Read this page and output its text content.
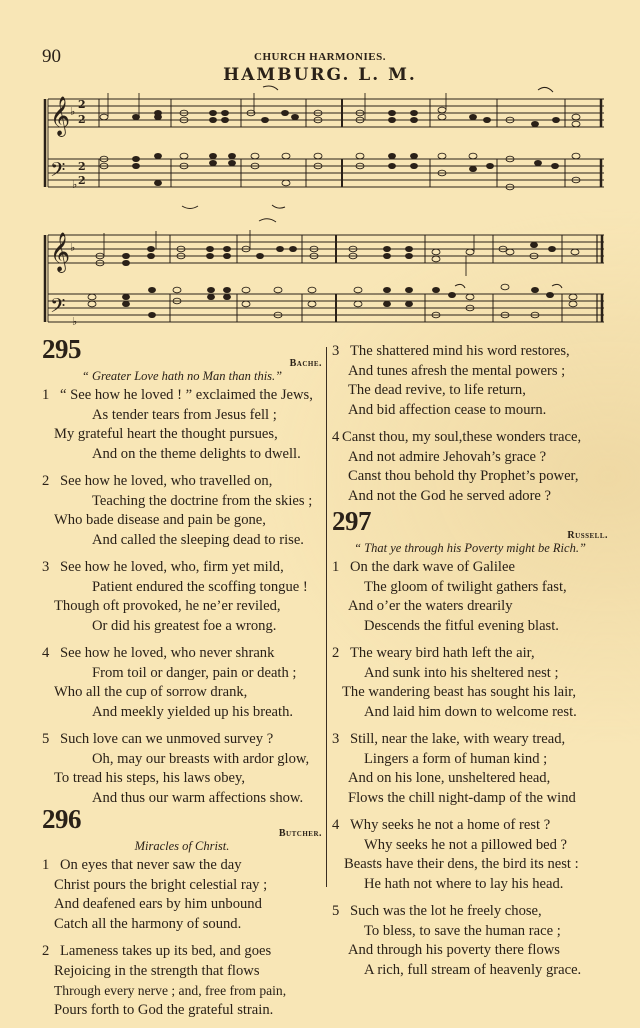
90	CHURCH HARMONIES.
HAMBURG. L. M.
𝄞
𝄢
𝄞
𝄢
♭
2
2
♭
2
2
♭
♭
295	Bache.
“ Greater Love hath no Man than this.”
1 “ See how he loved ! ” exclaimed the Jews,
As tender tears from Jesus fell ;
My grateful heart the thought pursues,
And on the theme delights to dwell.
2 See how he loved, who travelled on,
Teaching the doctrine from the skies ;
Who bade disease and pain be gone,
And called the sleeping dead to rise.
3 See how he loved, who, firm yet mild,
Patient endured the scoffing tongue !
Though oft provoked, he ne’er reviled,
Or did his greatest foe a wrong.
4 See how he loved, who never shrank
From toil or danger, pain or death ;
Who all the cup of sorrow drank,
And meekly yielded up his breath.
5 Such love can we unmoved survey ?
Oh, may our breasts with ardor glow,
To tread his steps, his laws obey,
And thus our warm affections show.
296	Butcher.
Miracles of Christ.
1 On eyes that never saw the day
Christ pours the bright celestial ray ;
And deafened ears by him unbound
Catch all the harmony of sound.
2 Lameness takes up its bed, and goes
Rejoicing in the strength that flows
Through every nerve ; and, free from pain,
Pours forth to God the grateful strain.
3 The shattered mind his word restores,
And tunes afresh the mental powers ;
The dead revive, to life return,
And bid affection cease to mourn.
4 Canst thou, my soul,these wonders trace,
And not admire Jehovah’s grace ?
Canst thou behold thy Prophet’s power,
And not the God he served adore ?
297	Russell.
“ That ye through his Poverty might be Rich.”
1 On the dark wave of Galilee
The gloom of twilight gathers fast,
And o’er the waters drearily
Descends the fitful evening blast.
2 The weary bird hath left the air,
And sunk into his sheltered nest ;
The wandering beast has sought his lair,
And laid him down to welcome rest.
3 Still, near the lake, with weary tread,
Lingers a form of human kind ;
And on his lone, unsheltered head,
Flows the chill night-damp of the wind
4 Why seeks he not a home of rest ?
Why seeks he not a pillowed bed ?
Beasts have their dens, the bird its nest :
He hath not where to lay his head.
5 Such was the lot he freely chose,
To bless, to save the human race ;
And through his poverty there flows
A rich, full stream of heavenly grace.
